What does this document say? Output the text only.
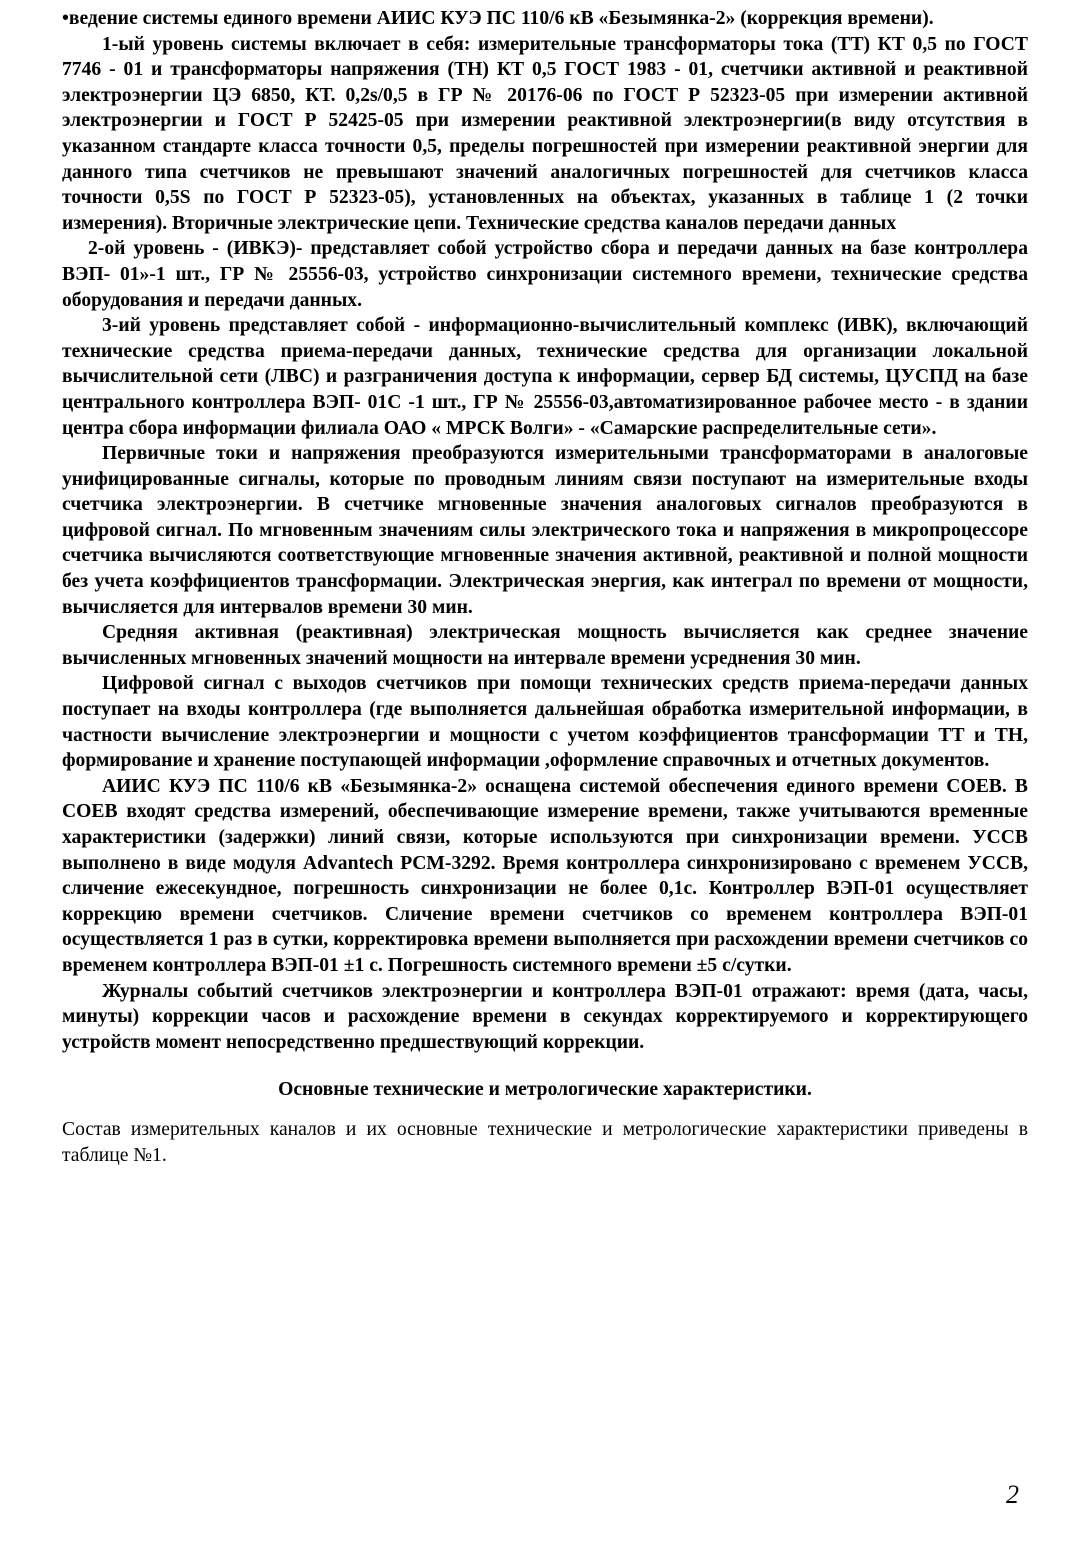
•ведение системы единого времени АИИС КУЭ ПС 110/6 кВ «Безымянка-2» (коррекция времени).

1-ый уровень системы включает в себя: измерительные трансформаторы тока (ТТ) КТ 0,5 по ГОСТ 7746 - 01 и трансформаторы напряжения (ТН) КТ 0,5 ГОСТ 1983 - 01, счетчики активной и реактивной электроэнергии ЦЭ 6850, КТ. 0,2s/0,5 в ГР № 20176-06 по ГОСТ Р 52323-05 при измерении активной электроэнергии и ГОСТ Р 52425-05 при измерении реактивной электроэнергии(в виду отсутствия в указанном стандарте класса точности 0,5, пределы погрешностей при измерении реактивной энергии для данного типа счетчиков не превышают значений аналогичных погрешностей для счетчиков класса точности 0,5S по ГОСТ Р 52323-05), установленных на объектах, указанных в таблице 1 (2 точки измерения). Вторичные электрические цепи. Технические средства каналов передачи данных

2-ой уровень - (ИВКЭ)- представляет собой устройство сбора и передачи данных на базе контроллера ВЭП- 01»-1 шт., ГР № 25556-03, устройство синхронизации системного времени, технические средства оборудования и передачи данных.

3-ий уровень представляет собой - информационно-вычислительный комплекс (ИВК), включающий технические средства приема-передачи данных, технические средства для организации локальной вычислительной сети (ЛВС) и разграничения доступа к информации, сервер БД системы, ЦУСПД на базе центрального контроллера ВЭП- 01С -1 шт., ГР № 25556-03,автоматизированное рабочее место - в здании центра сбора информации филиала ОАО « МРСК Волги» - «Самарские распределительные сети».

Первичные токи и напряжения преобразуются измерительными трансформаторами в аналоговые унифицированные сигналы, которые по проводным линиям связи поступают на измерительные входы счетчика электроэнергии. В счетчике мгновенные значения аналоговых сигналов преобразуются в цифровой сигнал. По мгновенным значениям силы электрического тока и напряжения в микропроцессоре счетчика вычисляются соответствующие мгновенные значения активной, реактивной и полной мощности без учета коэффициентов трансформации. Электрическая энергия, как интеграл по времени от мощности, вычисляется для интервалов времени 30 мин.

Средняя активная (реактивная) электрическая мощность вычисляется как среднее значение вычисленных мгновенных значений мощности на интервале времени усреднения 30 мин.

Цифровой сигнал с выходов счетчиков при помощи технических средств приема-передачи данных поступает на входы контроллера (где выполняется дальнейшая обработка измерительной информации, в частности вычисление электроэнергии и мощности с учетом коэффициентов трансформации ТТ и ТН, формирование и хранение поступающей информации ,оформление справочных и отчетных документов.

АИИС КУЭ ПС 110/6 кВ «Безымянка-2» оснащена системой обеспечения единого времени СОЕВ. В СОЕВ входят средства измерений, обеспечивающие измерение времени, также учитываются временные характеристики (задержки) линий связи, которые используются при синхронизации времени. УССВ выполнено в виде модуля Advantech PCM-3292. Время контроллера синхронизировано с временем УССВ, сличение ежесекундное, погрешность синхронизации не более 0,1с. Контроллер ВЭП-01 осуществляет коррекцию времени счетчиков. Сличение времени счетчиков со временем контроллера ВЭП-01 осуществляется 1 раз в сутки, корректировка времени выполняется при расхождении времени счетчиков со временем контроллера ВЭП-01 ±1 с. Погрешность системного времени ±5 с/сутки.

Журналы событий счетчиков электроэнергии и контроллера ВЭП-01 отражают: время (дата, часы, минуты) коррекции часов и расхождение времени в секундах корректируемого и корректирующего устройств момент непосредственно предшествующий коррекции.

Основные технические и метрологические характеристики.

Состав измерительных каналов и их основные технические и метрологические характеристики приведены в таблице №1.

2
